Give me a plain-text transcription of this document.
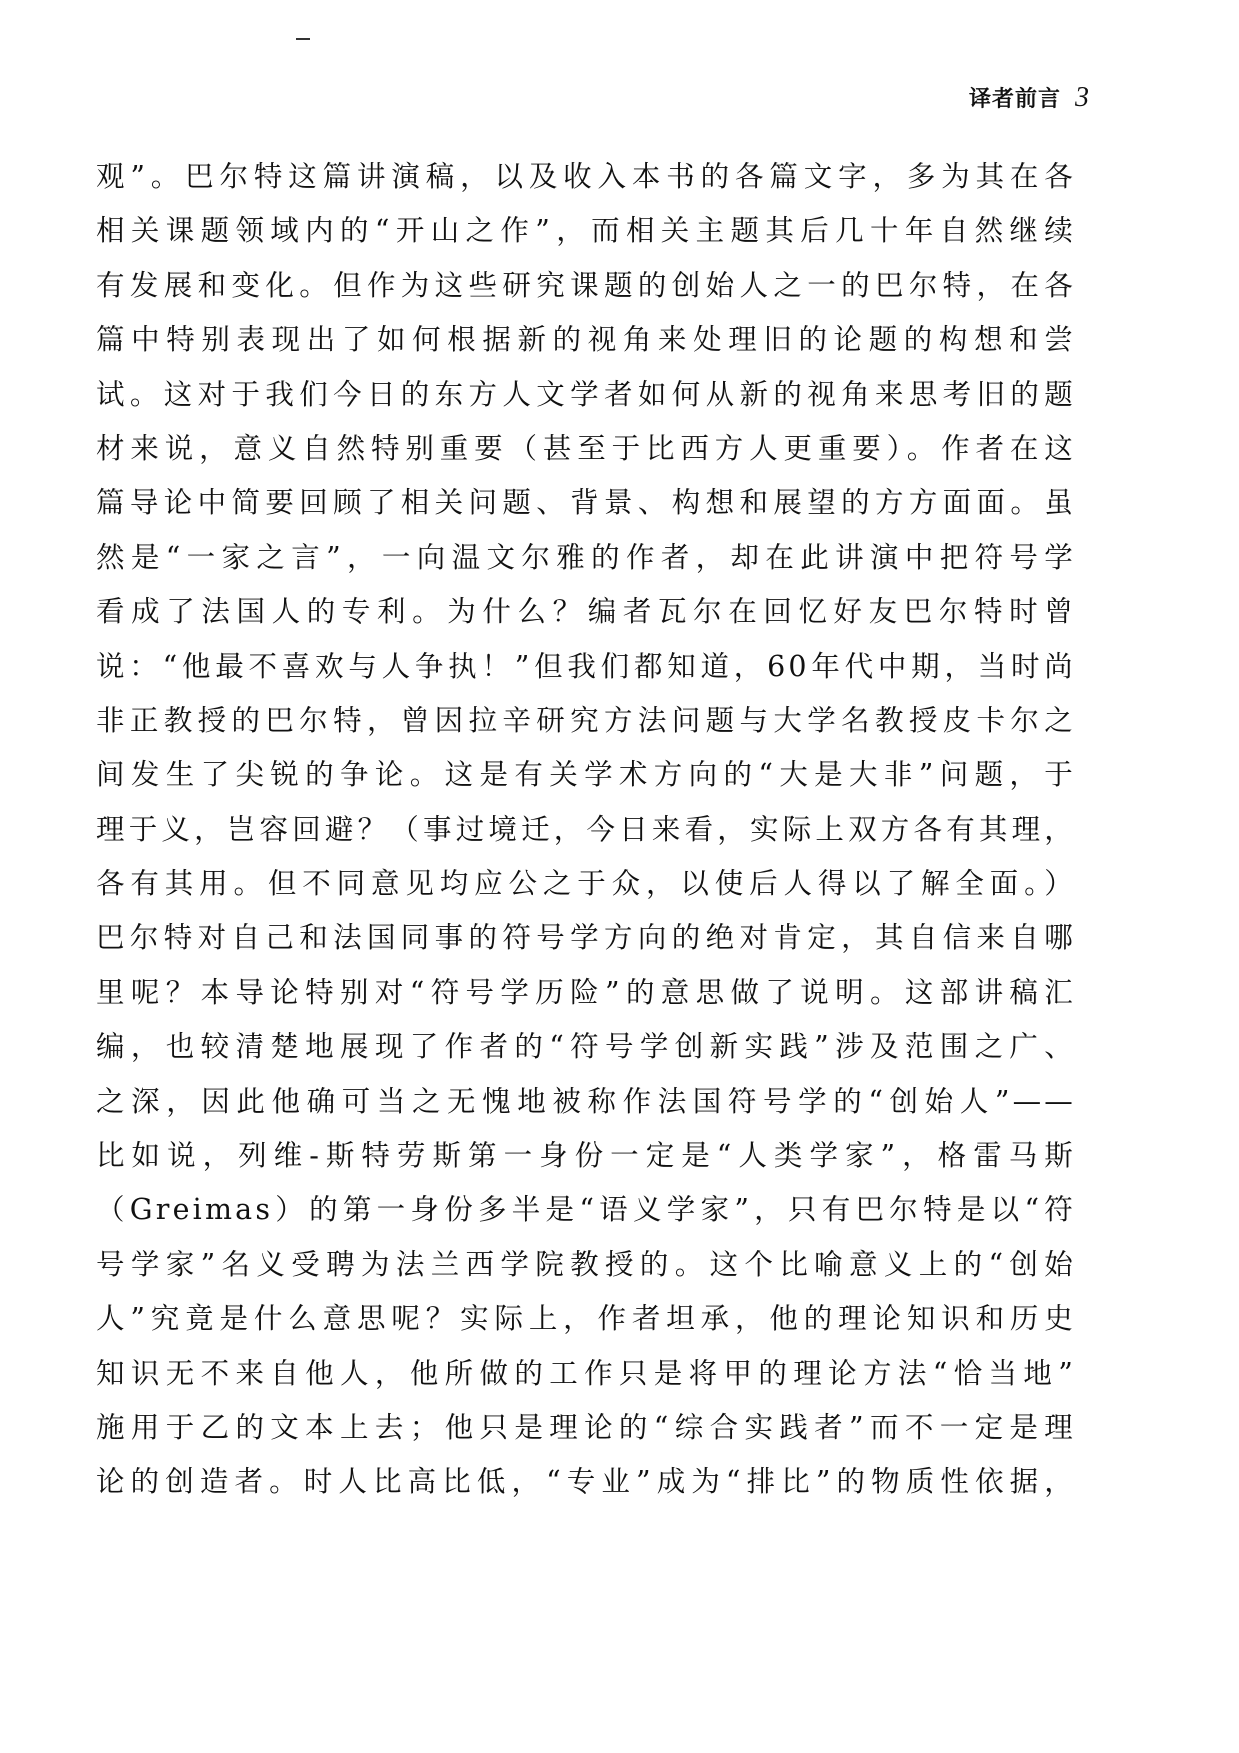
译者前言 3
观”。巴尔特这篇讲演稿，以及收入本书的各篇文字，多为其在各
相关课题领域内的“开山之作”，而相关主题其后几十年自然继续
有发展和变化。但作为这些研究课题的创始人之一的巴尔特，在各
篇中特别表现出了如何根据新的视角来处理旧的论题的构想和尝
试。这对于我们今日的东方人文学者如何从新的视角来思考旧的题
材来说，意义自然特别重要（甚至于比西方人更重要）。作者在这
篇导论中简要回顾了相关问题、背景、构想和展望的方方面面。虽
然是“一家之言”，一向温文尔雅的作者，却在此讲演中把符号学
看成了法国人的专利。为什么？编者瓦尔在回忆好友巴尔特时曾
说：“他最不喜欢与人争执！”但我们都知道，60年代中期，当时尚
非正教授的巴尔特，曾因拉辛研究方法问题与大学名教授皮卡尔之
间发生了尖锐的争论。这是有关学术方向的“大是大非”问题，于
理于义，岂容回避？（事过境迁，今日来看，实际上双方各有其理，
各有其用。但不同意见均应公之于众，以使后人得以了解全面。）
巴尔特对自己和法国同事的符号学方向的绝对肯定，其自信来自哪
里呢？本导论特别对“符号学历险”的意思做了说明。这部讲稿汇
编，也较清楚地展现了作者的“符号学创新实践”涉及范围之广、
之深，因此他确可当之无愧地被称作法国符号学的“创始人”——
比如说，列维-斯特劳斯第一身份一定是“人类学家”，格雷马斯
（Greimas）的第一身份多半是“语义学家”，只有巴尔特是以“符
号学家”名义受聘为法兰西学院教授的。这个比喻意义上的“创始
人”究竟是什么意思呢？实际上，作者坦承，他的理论知识和历史
知识无不来自他人，他所做的工作只是将甲的理论方法“恰当地”
施用于乙的文本上去；他只是理论的“综合实践者”而不一定是理
论的创造者。时人比高比低，“专业”成为“排比”的物质性依据，
